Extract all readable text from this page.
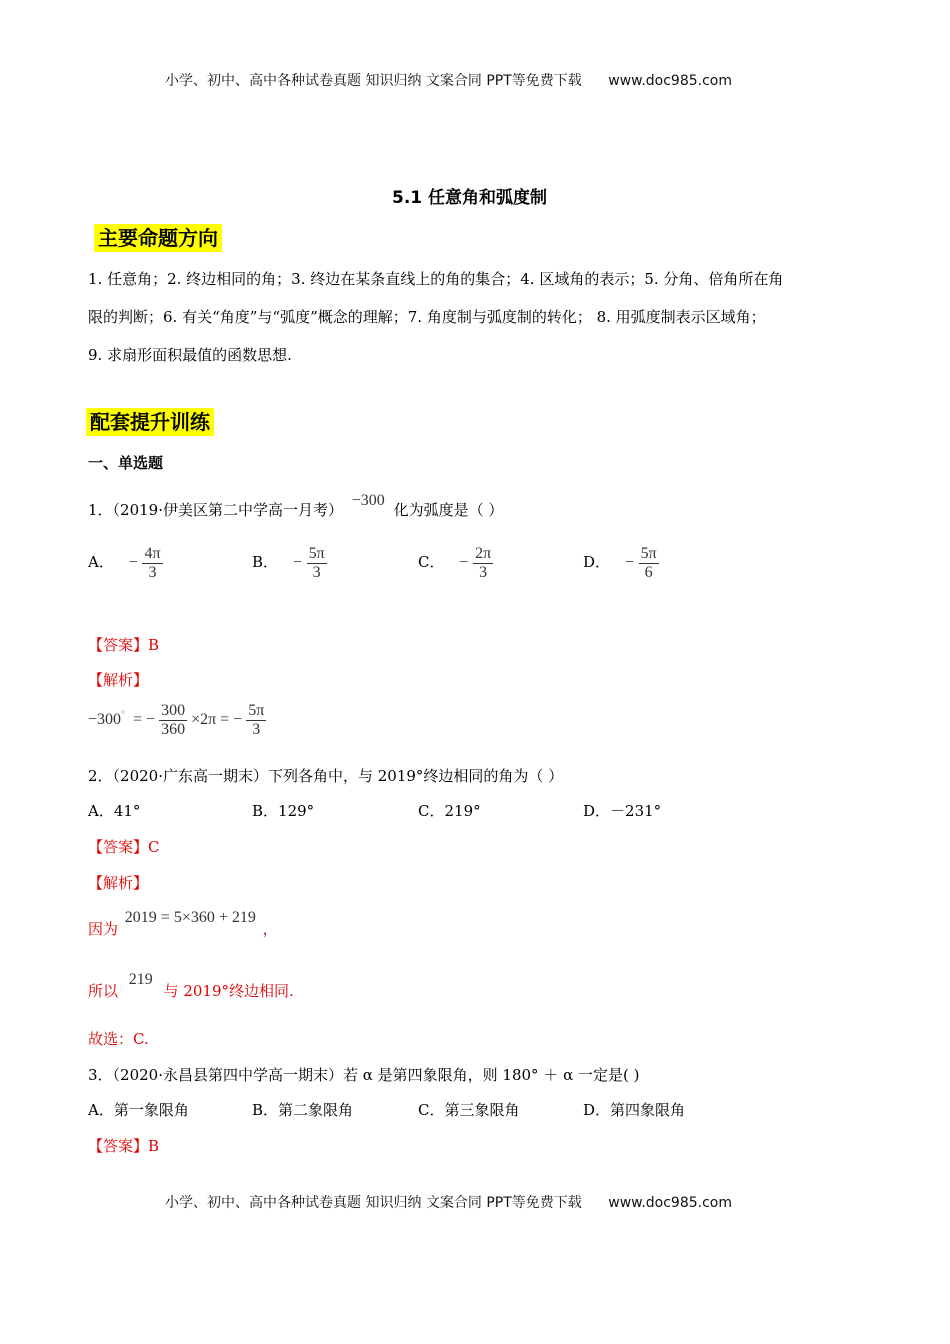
小学、初中、高中各种试卷真题 知识归纳 文案合同 PPT等免费下载 www.doc985.com
5.1 任意角和弧度制
主要命题方向
1. 任意角；2. 终边相同的角；3. 终边在某条直线上的角的集合；4. 区域角的表示；5. 分角、倍角所在角
限的判断；6. 有关“角度”与“弧度”概念的理解；7. 角度制与弧度制的转化； 8. 用弧度制表示区域角；
9. 求扇形面积最值的函数思想.
配套提升训练
一、单选题
1．（2019·伊美区第二中学高一月考） −300 化为弧度是（ ）
A． − $\frac{4\pi}{3}$	B． − $\frac{5\pi}{3}$	C． − $\frac{2\pi}{3}$	D． − $\frac{5\pi}{6}$
【答案】B
【解析】
−300° = − $\frac{300}{360} \times 2\pi$ = − $\frac{5\pi}{3}$
2．（2020·广东高一期末）下列各角中，与 2019°终边相同的角为（ ）
A．41°	B．129°	C．219°	D．－231°
【答案】C
【解析】
因为 2019 = 5×360 + 219 ，
所以 219 与 2019°终边相同.
故选：C.
3．（2020·永昌县第四中学高一期末）若 α 是第四象限角，则 180° ＋ α 一定是( )
A．第一象限角	B．第二象限角	C．第三象限角	D．第四象限角
【答案】B
小学、初中、高中各种试卷真题 知识归纳 文案合同 PPT等免费下载 www.doc985.com
